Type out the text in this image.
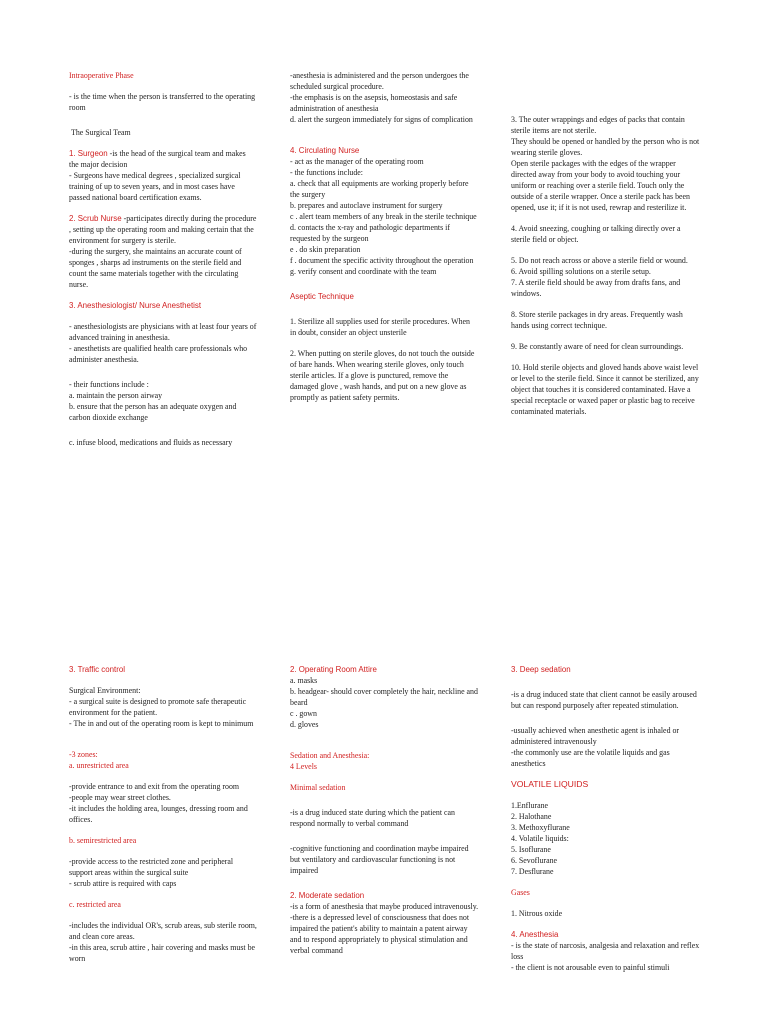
Intraoperative Phase

- is the time when the person is transferred to the operating room

The Surgical Team

1. Surgeon -is the head of the surgical team and makes the major decision
- Surgeons have medical degrees , specialized surgical training of up to seven years, and in most cases have passed national board certification exams.

2. Scrub Nurse -participates directly during the procedure , setting up the operating room and making certain that the environment for surgery is sterile.
-during the surgery, she maintains an accurate count of sponges , sharps ad instruments on the sterile field and count the same materials together with the circulating nurse.

3. Anesthesiologist/ Nurse Anesthetist

- anesthesiologists are physicians with at least four years of advanced training in anesthesia.
- anesthetists are qualified health care professionals who administer anesthesia.

- their functions include :
a. maintain the person airway
b. ensure that the person has an adequate oxygen and carbon dioxide exchange

c. infuse blood, medications and fluids as necessary

-anesthesia is administered and the person undergoes the scheduled surgical procedure.
-the emphasis is on the asepsis, homeostasis and safe administration of anesthesia
d. alert the surgeon immediately for signs of complication

4. Circulating Nurse

- act as the manager of the operating room
- the functions include:
a. check that all equipments are working properly before the surgery
b. prepares and autoclave instrument for surgery
c . alert team members of any break in the sterile technique
d. contacts the x-ray and pathologic departments if requested by the surgeon
e . do skin preparation
f . document the specific activity throughout the operation
g. verify consent and coordinate with the team

Aseptic Technique

1. Sterilize all supplies used for sterile procedures. When in doubt, consider an object unsterile

2. When putting on sterile gloves, do not touch the outside of bare hands. When wearing sterile gloves, only touch sterile articles. If a glove is punctured, remove the damaged glove , wash hands, and put on a new glove as promptly as patient safety permits.

3. The outer wrappings and edges of packs that contain sterile items are not sterile.
They should be opened or handled by the person who is not wearing sterile gloves.
Open sterile packages with the edges of the wrapper directed away from your body to avoid touching your uniform or reaching over a sterile field. Touch only the outside of a sterile wrapper. Once a sterile pack has been opened, use it; if it is not used, rewrap and resterilize it.

4. Avoid sneezing, coughing or talking directly over a sterile field or object.

5. Do not reach across or above a sterile field or wound.
6. Avoid spilling solutions on a sterile setup.
7. A sterile field should be away from drafts fans, and windows.

8. Store sterile packages in dry areas. Frequently wash hands using correct technique.

9. Be constantly aware of need for clean surroundings.

10. Hold sterile objects and gloved hands above waist level or level to the sterile field. Since it cannot be sterilized, any object that touches it is considered contaminated. Have a special receptacle or waxed paper or plastic bag to receive contaminated materials.

3. Traffic control

Surgical Environment:
- a surgical suite is designed to promote safe therapeutic environment for the patient.
- The in and out of the operating room is kept to minimum

-3 zones:
a. unrestricted area

-provide entrance to and exit from the operating room
-people may wear street clothes.
-it includes the holding area, lounges, dressing room and offices.

b. semirestricted area

-provide access to the restricted zone and peripheral support areas within the surgical suite
- scrub attire is required with caps

c. restricted area

-includes the individual OR's, scrub areas, sub sterile room, and clean core areas.
-in this area, scrub attire , hair covering and masks must be worn

2. Operating Room Attire

a. masks
b. headgear- should cover completely the hair, neckline and beard
c . gown
d. gloves

Sedation and Anesthesia:
4 Levels

Minimal sedation

-is a drug induced state during which the patient can respond normally to verbal command

-cognitive functioning and coordination maybe impaired but ventilatory and cardiovascular functioning is not impaired

2. Moderate sedation

-is a form of anesthesia that maybe produced intravenously.
-there is a depressed level of consciousness that does not impaired the patient's ability to maintain a patent airway and to respond appropriately to physical stimulation and verbal command

3. Deep sedation

-is a drug induced state that client cannot be easily aroused but can respond purposely after repeated stimulation.

-usually achieved when anesthetic agent is inhaled or administered intravenously
-the commonly use are the volatile liquids and gas anesthetics

VOLATILE LIQUIDS

1.Enflurane
2. Halothane
3. Methoxyflurane
4. Volatile liquids:
5. Isoflurane
6. Sevoflurane
7. Desflurane

Gases

1. Nitrous oxide

4. Anesthesia

- is the state of narcosis, analgesia and relaxation and reflex loss
- the client is not arousable even to painful stimuli
